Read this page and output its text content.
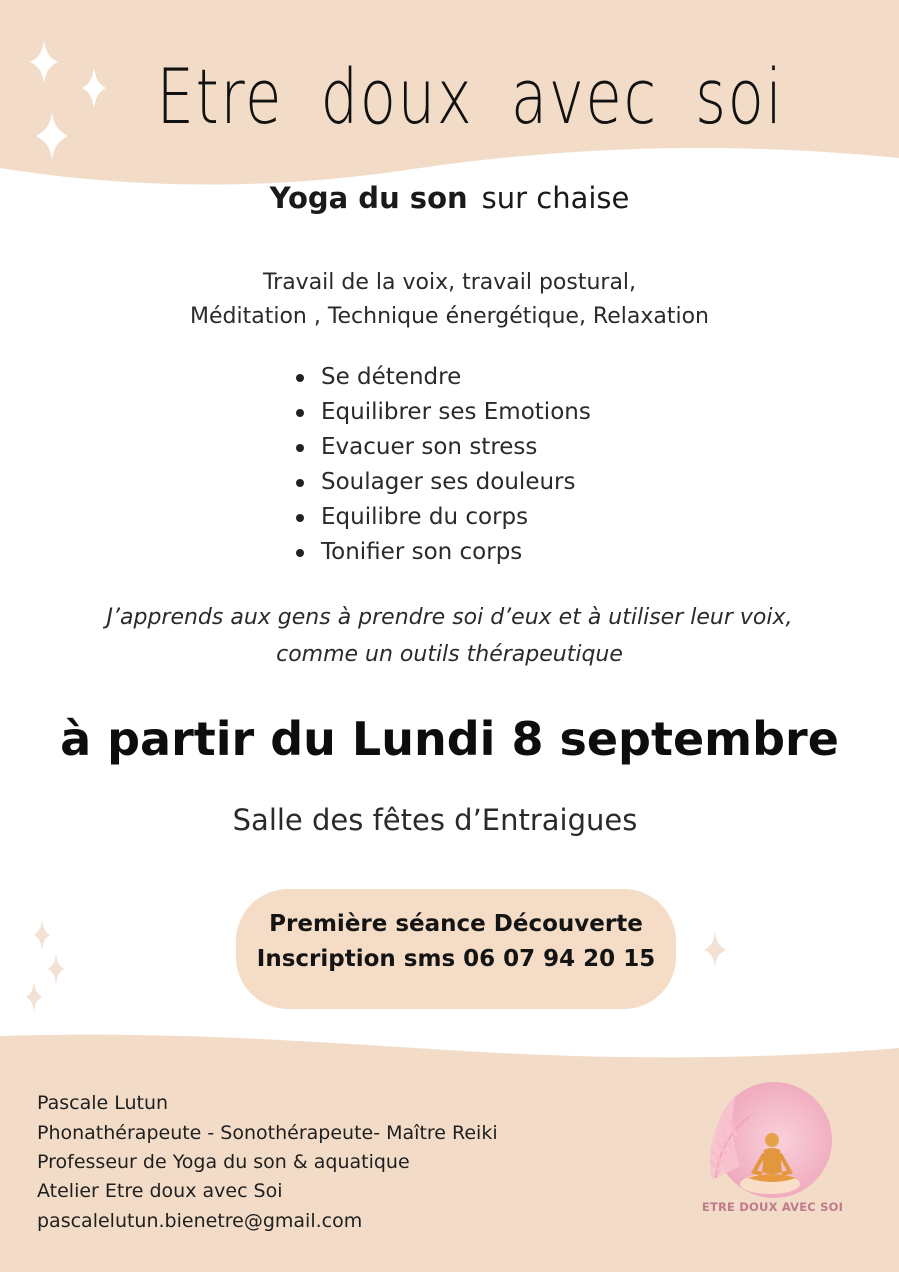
Etre doux avec soi
Yoga du son sur chaise
Travail de la voix, travail postural,
Méditation , Technique énergétique, Relaxation
Se détendre
Equilibrer ses Emotions
Evacuer son stress
Soulager ses douleurs
Equilibre du corps
Tonifier son corps
J’apprends aux gens à prendre soi d’eux et à utiliser leur voix,
comme un outils thérapeutique
à partir du Lundi 8 septembre
Salle des fêtes d’Entraigues
Première séance Découverte
Inscription sms 06 07 94 20 15
Pascale Lutun
Phonathérapeute - Sonothérapeute- Maître Reiki
Professeur de Yoga du son & aquatique
Atelier Etre doux avec Soi
pascalelutun.bienetre@gmail.com
ETRE DOUX AVEC SOI
